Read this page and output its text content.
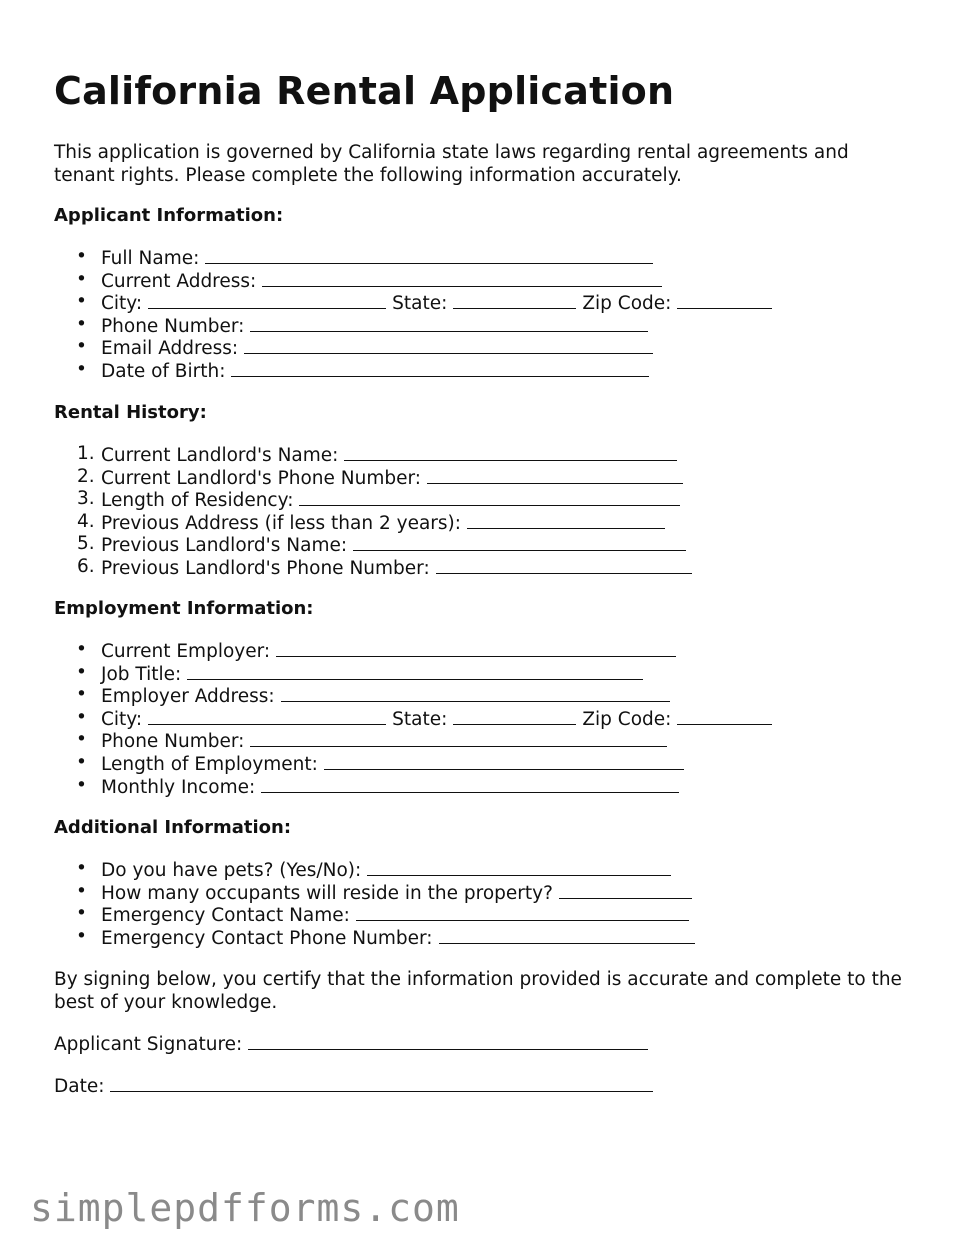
California Rental Application

This application is governed by California state laws regarding rental agreements and tenant rights. Please complete the following information accurately.

Applicant Information:

• Full Name:
• Current Address:
• City:	State:	Zip Code:
• Phone Number:
• Email Address:
• Date of Birth:

Rental History:

1. Current Landlord's Name:
2. Current Landlord's Phone Number:
3. Length of Residency:
4. Previous Address (if less than 2 years):
5. Previous Landlord's Name:
6. Previous Landlord's Phone Number:

Employment Information:

• Current Employer:
• Job Title:
• Employer Address:
• City:	State:	Zip Code:
• Phone Number:
• Length of Employment:
• Monthly Income:

Additional Information:

• Do you have pets? (Yes/No):
• How many occupants will reside in the property?
• Emergency Contact Name:
• Emergency Contact Phone Number:

By signing below, you certify that the information provided is accurate and complete to the best of your knowledge.

Applicant Signature:

Date:

simplepdfforms.com
